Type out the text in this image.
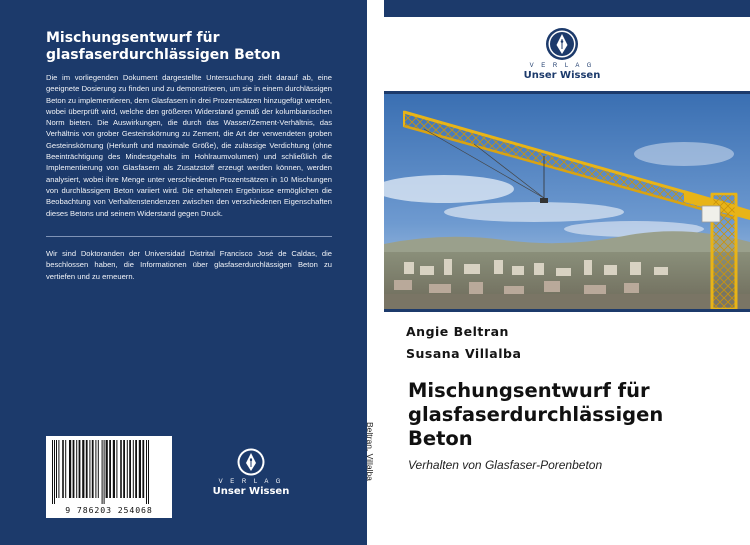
Mischungsentwurf für glasfaserdurchlässigen Beton
Die im vorliegenden Dokument dargestellte Untersuchung zielt darauf ab, eine geeignete Dosierung zu finden und zu demonstrieren, um sie in einem durchlässigen Beton zu implementieren, dem Glasfasern in drei Prozentsätzen hinzugefügt werden, wobei überprüft wird, welche den größeren Widerstand gemäß der kolumbianischen Norm bieten. Die Auswirkungen, die durch das Wasser/Zement-Verhältnis, das Verhältnis von grober Gesteinskörnung zu Zement, die Art der verwendeten groben Gesteinskörnung (Herkunft und maximale Größe), die zulässige Verdichtung (ohne Beeinträchtigung des Mindestgehalts im Hohlraumvolumen) und schließlich die Implementierung von Glasfasern als Zusatzstoff erzeugt werden können, werden analysiert, wobei ihre Menge unter verschiedenen Prozentsätzen in 10 Mischungen von durchlässigem Beton variiert wird. Die erhaltenen Ergebnisse ermöglichen die Beobachtung von Verhaltenstendenzen zwischen den verschiedenen Eigenschaften dieses Betons und seinem Widerstand gegen Druck.
Wir sind Doktoranden der Universidad Distrital Francisco José de Caldas, die beschlossen haben, die Informationen über glasfaserdurchlässigen Beton zu vertiefen und zu erneuern.
9 786203 254068
V E R L A G
Unser Wissen
Beltran, Villalba
V E R L A G
Unser Wissen
Angie Beltran
Susana Villalba
Mischungsentwurf für glasfaserdurchlässigen Beton
Verhalten von Glasfaser-Porenbeton
